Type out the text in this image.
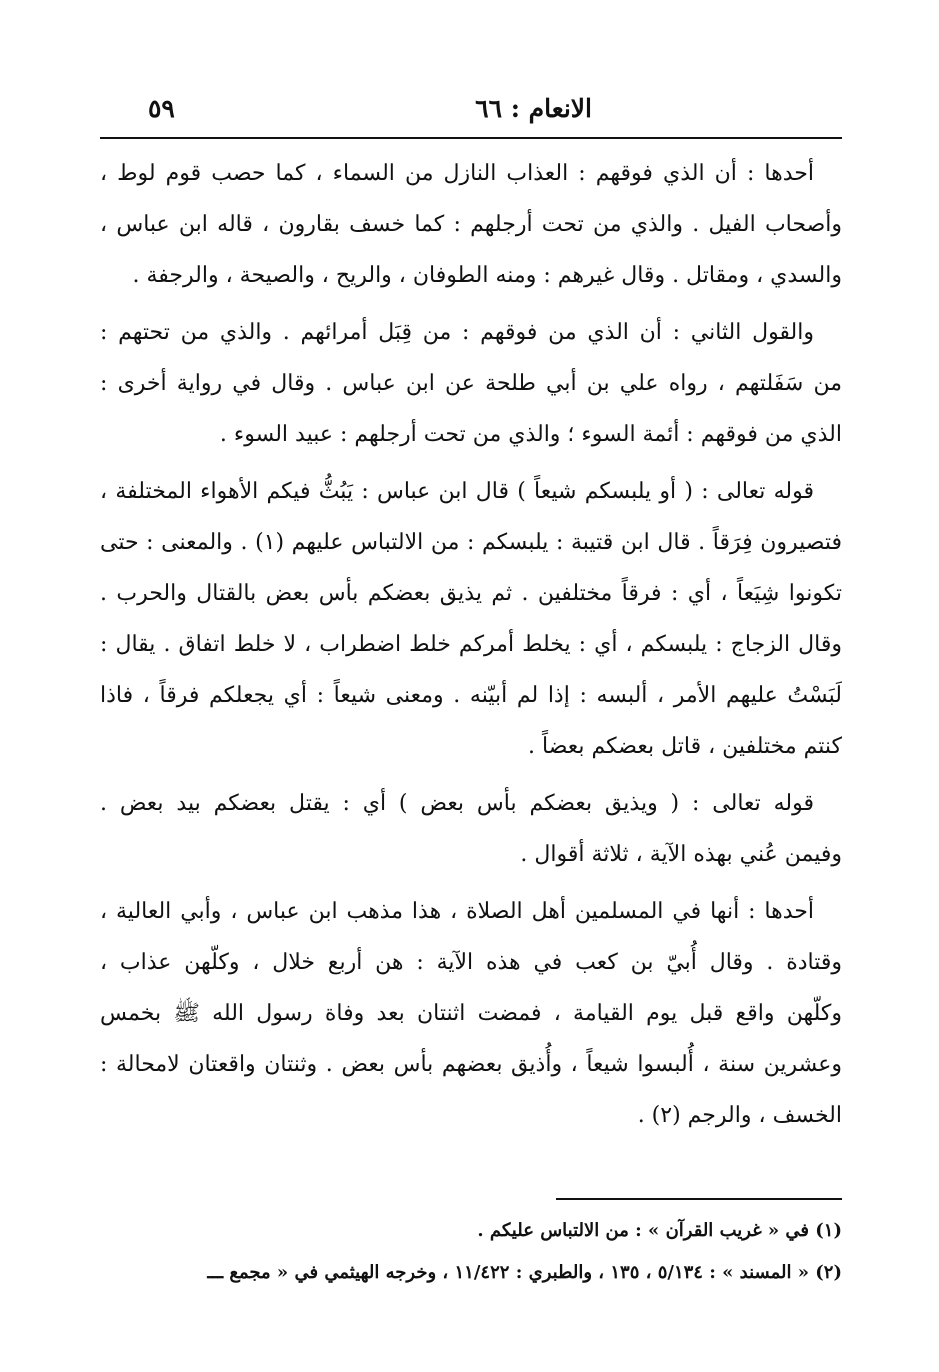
الانعام : ٦٦
٥٩
أحدها : أن الذي فوقهم : العذاب النازل من السماء ، كما حصب قوم لوط ،
وأصحاب الفيل . والذي من تحت أرجلهم : كما خسف بقارون ، قاله ابن عباس ،
والسدي ، ومقاتل . وقال غيرهم : ومنه الطوفان ، والريح ، والصيحة ، والرجفة .
والقول الثاني : أن الذي من فوقهم : من قِبَل أمرائهم . والذي من تحتهم :
من سَفَلتهم ، رواه علي بن أبي طلحة عن ابن عباس . وقال في رواية أخرى :
الذي من فوقهم : أئمة السوء ؛ والذي من تحت أرجلهم : عبيد السوء .
قوله تعالى : ( أو يلبسكم شيعاً ) قال ابن عباس : يَبُثُّ فيكم الأهواء المختلفة ،
فتصيرون فِرَقاً . قال ابن قتيبة : يلبسكم : من الالتباس عليهم (١) . والمعنى : حتى
تكونوا شِيَعاً ، أي : فرقاً مختلفين . ثم يذيق بعضكم بأس بعض بالقتال والحرب .
وقال الزجاج : يلبسكم ، أي : يخلط أمركم خلط اضطراب ، لا خلط اتفاق . يقال :
لَبَسْتُ عليهم الأمر ، ألبسه : إذا لم أبيّنه . ومعنى شيعاً : أي يجعلكم فرقاً ، فاذا
كنتم مختلفين ، قاتل بعضكم بعضاً .
قوله تعالى : ( ويذيق بعضكم بأس بعض ) أي : يقتل بعضكم بيد بعض .
وفيمن عُني بهذه الآية ، ثلاثة أقوال .
أحدها : أنها في المسلمين أهل الصلاة ، هذا مذهب ابن عباس ، وأبي العالية ،
وقتادة . وقال أُبيّ بن كعب في هذه الآية : هن أربع خلال ، وكلّهن عذاب ،
وكلّهن واقع قبل يوم القيامة ، فمضت اثنتان بعد وفاة رسول الله ﷺ بخمس
وعشرين سنة ، أُلبسوا شيعاً ، وأُذيق بعضهم بأس بعض . وثنتان واقعتان لامحالة :
الخسف ، والرجم (٢) .
(١) في « غريب القرآن » : من الالتباس عليكم .
(٢) « المسند » : ٥/١٣٤ ، ١٣٥ ، والطبري : ١١/٤٢٢ ، وخرجه الهيثمي في « مجمع ـــ
